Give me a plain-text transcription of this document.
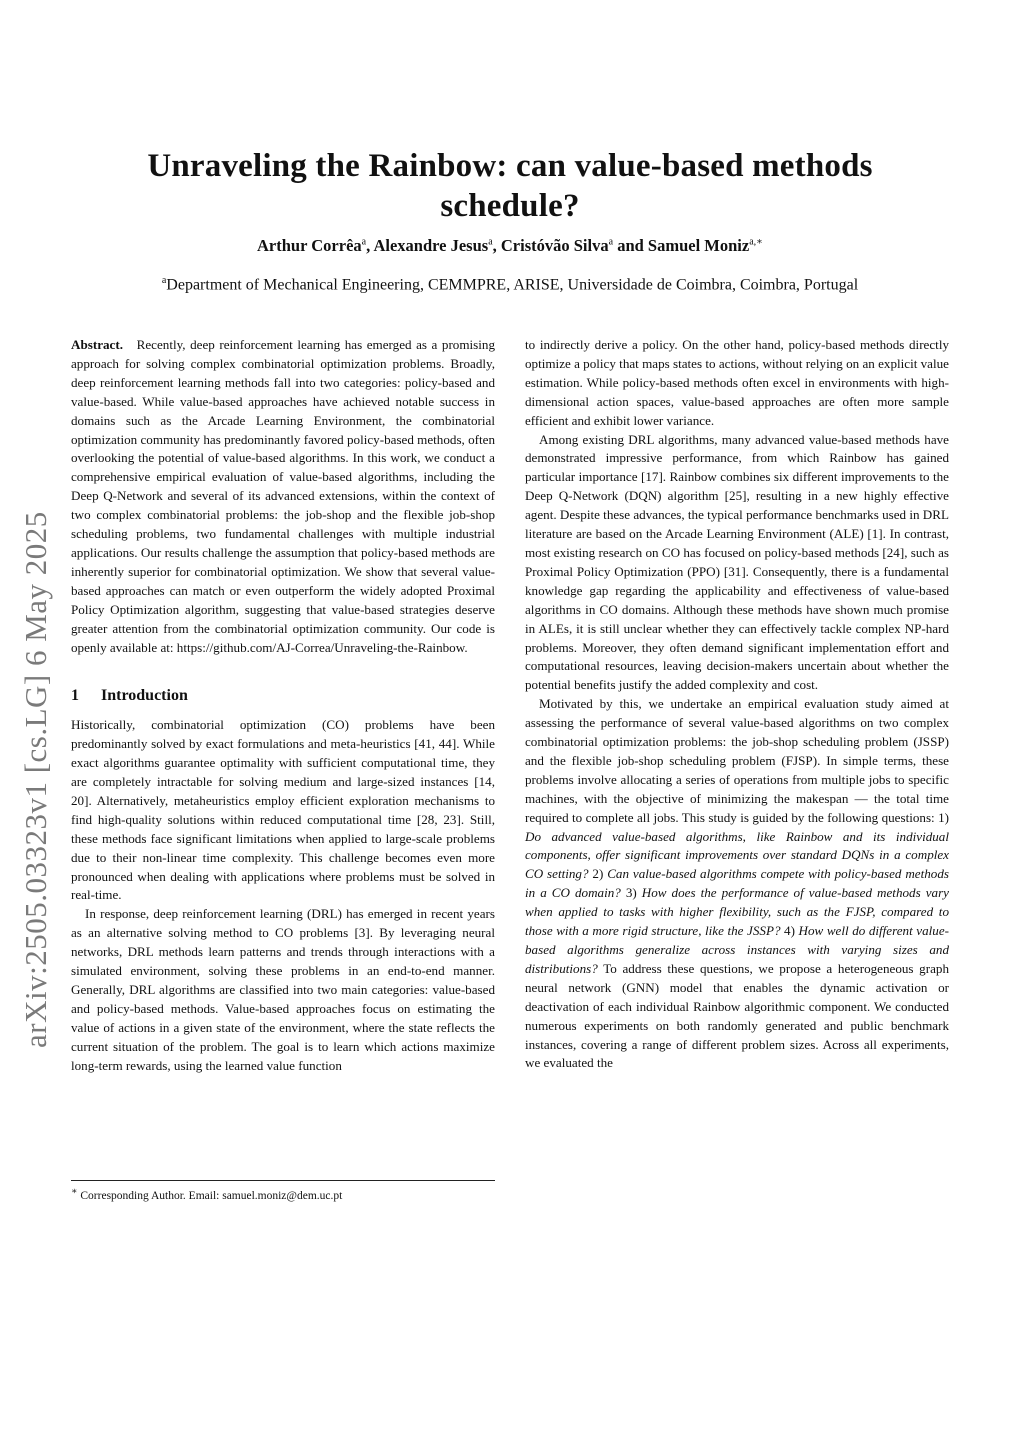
arXiv:2505.03323v1 [cs.LG] 6 May 2025
Unraveling the Rainbow: can value-based methods
schedule?
Arthur Corrêa$^a$, Alexandre Jesus$^a$, Cristóvão Silva$^a$ and Samuel Moniz$^{a,∗}$
$^a$Department of Mechanical Engineering, CEMMPRE, ARISE, Universidade de Coimbra, Coimbra, Portugal

Abstract. Recently, deep reinforcement learning has emerged as a promising approach for solving complex combinatorial optimization problems. Broadly, deep reinforcement learning methods fall into two categories: policy-based and value-based. While value-based approaches have achieved notable success in domains such as the Arcade Learning Environment, the combinatorial optimization community has predominantly favored policy-based methods, often overlooking the potential of value-based algorithms. In this work, we conduct a comprehensive empirical evaluation of value-based algorithms, including the Deep Q-Network and several of its advanced extensions, within the context of two complex combinatorial problems: the job-shop and the flexible job-shop scheduling problems, two fundamental challenges with multiple industrial applications. Our results challenge the assumption that policy-based methods are inherently superior for combinatorial optimization. We show that several value-based approaches can match or even outperform the widely adopted Proximal Policy Optimization algorithm, suggesting that value-based strategies deserve greater attention from the combinatorial optimization community. Our code is openly available at: https://github.com/AJ-Correa/Unraveling-the-Rainbow.

1 Introduction

Historically, combinatorial optimization (CO) problems have been predominantly solved by exact formulations and meta-heuristics [41, 44]. While exact algorithms guarantee optimality with sufficient computational time, they are completely intractable for solving medium and large-sized instances [14, 20]. Alternatively, metaheuristics employ efficient exploration mechanisms to find high-quality solutions within reduced computational time [28, 23]. Still, these methods face significant limitations when applied to large-scale problems due to their non-linear time complexity. This challenge becomes even more pronounced when dealing with applications where problems must be solved in real-time.

In response, deep reinforcement learning (DRL) has emerged in recent years as an alternative solving method to CO problems [3]. By leveraging neural networks, DRL methods learn patterns and trends through interactions with a simulated environment, solving these problems in an end-to-end manner. Generally, DRL algorithms are classified into two main categories: value-based and policy-based methods. Value-based approaches focus on estimating the value of actions in a given state of the environment, where the state reflects the current situation of the problem. The goal is to learn which actions maximize long-term rewards, using the learned value function

∗ Corresponding Author. Email: samuel.moniz@dem.uc.pt

to indirectly derive a policy. On the other hand, policy-based methods directly optimize a policy that maps states to actions, without relying on an explicit value estimation. While policy-based methods often excel in environments with high-dimensional action spaces, value-based approaches are often more sample efficient and exhibit lower variance.

Among existing DRL algorithms, many advanced value-based methods have demonstrated impressive performance, from which Rainbow has gained particular importance [17]. Rainbow combines six different improvements to the Deep Q-Network (DQN) algorithm [25], resulting in a new highly effective agent. Despite these advances, the typical performance benchmarks used in DRL literature are based on the Arcade Learning Environment (ALE) [1]. In contrast, most existing research on CO has focused on policy-based methods [24], such as Proximal Policy Optimization (PPO) [31]. Consequently, there is a fundamental knowledge gap regarding the applicability and effectiveness of value-based algorithms in CO domains. Although these methods have shown much promise in ALEs, it is still unclear whether they can effectively tackle complex NP-hard problems. Moreover, they often demand significant implementation effort and computational resources, leaving decision-makers uncertain about whether the potential benefits justify the added complexity and cost.

Motivated by this, we undertake an empirical evaluation study aimed at assessing the performance of several value-based algorithms on two complex combinatorial optimization problems: the job-shop scheduling problem (JSSP) and the flexible job-shop scheduling problem (FJSP). In simple terms, these problems involve allocating a series of operations from multiple jobs to specific machines, with the objective of minimizing the makespan — the total time required to complete all jobs. This study is guided by the following questions: 1) Do advanced value-based algorithms, like Rainbow and its individual components, offer significant improvements over standard DQNs in a complex CO setting? 2) Can value-based algorithms compete with policy-based methods in a CO domain? 3) How does the performance of value-based methods vary when applied to tasks with higher flexibility, such as the FJSP, compared to those with a more rigid structure, like the JSSP? 4) How well do different value-based algorithms generalize across instances with varying sizes and distributions? To address these questions, we propose a heterogeneous graph neural network (GNN) model that enables the dynamic activation or deactivation of each individual Rainbow algorithmic component. We conducted numerous experiments on both randomly generated and public benchmark instances, covering a range of different problem sizes. Across all experiments, we evaluated the
